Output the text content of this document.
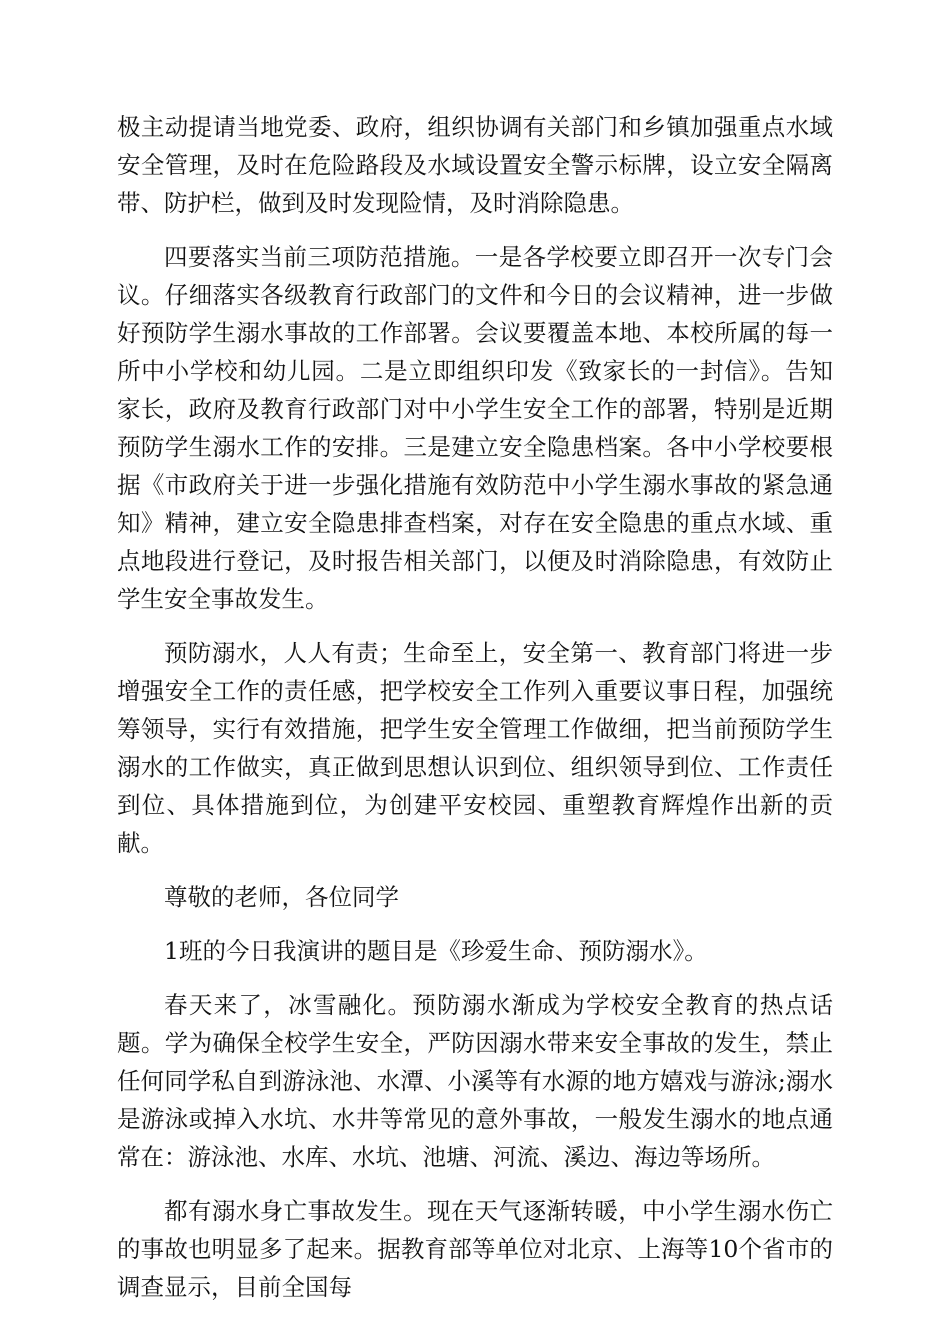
极主动提请当地党委、政府，组织协调有关部门和乡镇加强重点水域安全管理，及时在危险路段及水域设置安全警示标牌，设立安全隔离带、防护栏，做到及时发现险情，及时消除隐患。

四要落实当前三项防范措施。一是各学校要立即召开一次专门会议。仔细落实各级教育行政部门的文件和今日的会议精神，进一步做好预防学生溺水事故的工作部署。会议要覆盖本地、本校所属的每一所中小学校和幼儿园。二是立即组织印发《致家长的一封信》。告知家长，政府及教育行政部门对中小学生安全工作的部署，特别是近期预防学生溺水工作的安排。三是建立安全隐患档案。各中小学校要根据《市政府关于进一步强化措施有效防范中小学生溺水事故的紧急通知》精神，建立安全隐患排查档案，对存在安全隐患的重点水域、重点地段进行登记，及时报告相关部门，以便及时消除隐患，有效防止学生安全事故发生。

预防溺水，人人有责；生命至上，安全第一、教育部门将进一步增强安全工作的责任感，把学校安全工作列入重要议事日程，加强统筹领导，实行有效措施，把学生安全管理工作做细，把当前预防学生溺水的工作做实，真正做到思想认识到位、组织领导到位、工作责任到位、具体措施到位，为创建平安校园、重塑教育辉煌作出新的贡献。

尊敬的老师，各位同学

1班的今日我演讲的题目是《珍爱生命、预防溺水》。

春天来了，冰雪融化。预防溺水渐成为学校安全教育的热点话题。学为确保全校学生安全，严防因溺水带来安全事故的发生，禁止任何同学私自到游泳池、水潭、小溪等有水源的地方嬉戏与游泳;溺水是游泳或掉入水坑、水井等常见的意外事故，一般发生溺水的地点通常在：游泳池、水库、水坑、池塘、河流、溪边、海边等场所。

都有溺水身亡事故发生。现在天气逐渐转暖，中小学生溺水伤亡的事故也明显多了起来。据教育部等单位对北京、上海等10个省市的调查显示，目前全国每
